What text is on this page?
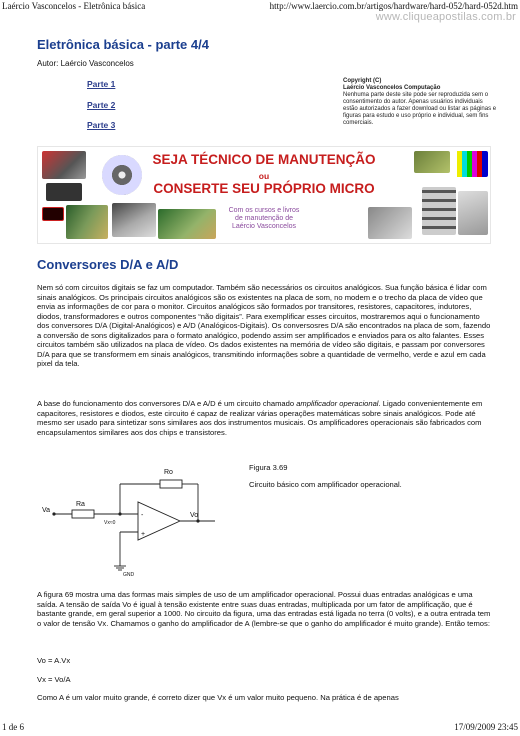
Laércio Vasconcelos - Eletrônica básica	http://www.laercio.com.br/artigos/hardware/hard-052/hard-052d.htm
www.cliqueapostilas.com.br
Eletrônica básica - parte 4/4
Autor: Laércio Vasconcelos
Parte 1
Parte 2
Parte 3
Copyright (C)
Laércio Vasconcelos Computação
Nenhuma parte deste site pode ser reproduzida sem o consentimento do autor. Apenas usuários individuais estão autorizados a fazer download ou listar as páginas e figuras para estudo e uso próprio e individual, sem fins comerciais.
SEJA TÉCNICO DE MANUTENÇÃO
ou
CONSERTE SEU PRÓPRIO MICRO
Com os cursos e livros
de manutenção de
Laércio Vasconcelos
Conversores D/A e A/D

Nem só com circuitos digitais se faz um computador. Também são necessários os circuitos analógicos. Sua função básica é lidar com sinais analógicos. Os principais circuitos analógicos são os existentes na placa de som, no modem e o trecho da placa de vídeo que envia as informações de cor para o monitor. Circuitos analógicos são formados por transitores, resistores, capacitores, indutores, diodos, transformadores e outros componentes “não digitais”. Para exemplificar esses circuitos, mostraremos aqui o funcionamento dos conversores D/A (Digital-Analógicos) e A/D (Analógicos-Digitais). Os conversosres D/A são encontrados na placa de som, fazendo a conversão de sons digitalizados para o formato analógico, podendo assim ser amplificados e enviados para os alto falantes. Esses circuitos também são utilizados na placa de vídeo. Os dados existentes na memória de vídeo são digitais, e passam por conversores D/A para que se transformem em sinais analógicos, transmitindo informações sobre a quantidade de vermelho, verde e azul em cada pixel da tela.

A base do funcionamento dos conversores D/A e A/D é um circuito chamado amplificador operacional. Ligado convenientemente em capacitores, resistores e diodos, este circuito é capaz de realizar várias operações matemáticas sobre sinais analógicos. Pode até mesmo ser usado para sintetizar sons similares aos dos instrumentos musicais. Os amplificadores operacionais são fabricados com encapsulamentos similares aos dos chips e transistores.

Ro
Ra
Va
Vo
Vx≈0
GND
-
+
Figura 3.69
Circuito básico com amplificador operacional.

A figura 69 mostra uma das formas mais simples de uso de um amplificador operacional. Possui duas entradas analógicas e uma saída. A tensão de saída Vo é igual à tensão existente entre suas duas entradas, multiplicada por um fator de amplificação, que é bastante grande, em geral superior a 1000. No circuito da figura, uma das entradas está ligada no terra (0 volts), e a outra entrada tem o valor de tensão Vx. Chamamos o ganho do amplificador de A (lembre-se que o ganho do amplificador é muito grande). Então temos:

Vo = A.Vx
Vx = Vo/A

Como A é um valor muito grande, é correto dizer que Vx é um valor muito pequeno. Na prática é de apenas

1 de 6	17/09/2009 23:45
